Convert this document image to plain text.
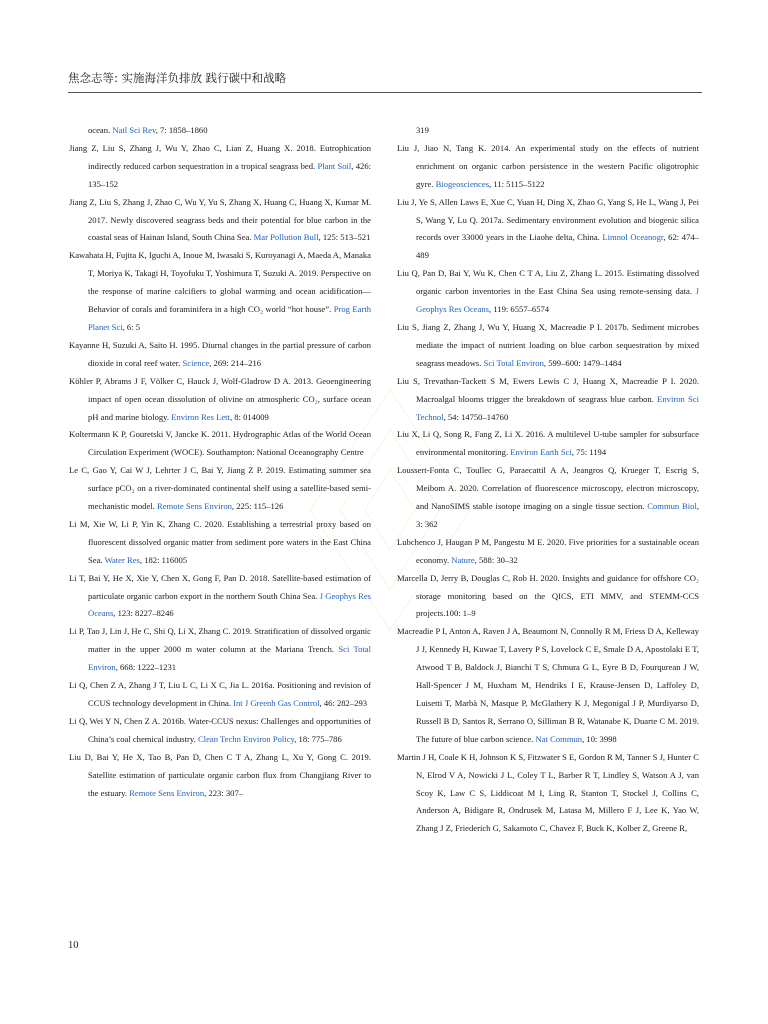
焦念志等: 实施海洋负排放 践行碳中和战略
ocean. Natl Sci Rev, 7: 1858–1860
Jiang Z, Liu S, Zhang J, Wu Y, Zhao C, Lian Z, Huang X. 2018. Eutrophication indirectly reduced carbon sequestration in a tropical seagrass bed. Plant Soil, 426: 135–152
Jiang Z, Liu S, Zhang J, Zhao C, Wu Y, Yu S, Zhang X, Huang C, Huang X, Kumar M. 2017. Newly discovered seagrass beds and their potential for blue carbon in the coastal seas of Hainan Island, South China Sea. Mar Pollution Bull, 125: 513–521
Kawahata H, Fujita K, Iguchi A, Inoue M, Iwasaki S, Kuroyanagi A, Maeda A, Manaka T, Moriya K, Takagi H, Toyofuku T, Yoshimura T, Suzuki A. 2019. Perspective on the response of marine calcifiers to global warming and ocean acidification—Behavior of corals and foraminifera in a high CO₂ world “hot house”. Prog Earth Planet Sci, 6: 5
Kayanne H, Suzuki A, Saito H. 1995. Diurnal changes in the partial pressure of carbon dioxide in coral reef water. Science, 269: 214–216
Köhler P, Abrams J F, Völker C, Hauck J, Wolf-Gladrow D A. 2013. Geoengineering impact of open ocean dissolution of olivine on atmospheric CO₂, surface ocean pH and marine biology. Environ Res Lett, 8: 014009
Koltermann K P, Gouretski V, Jancke K. 2011. Hydrographic Atlas of the World Ocean Circulation Experiment (WOCE). Southampton: National Oceanography Centre
Le C, Gao Y, Cai W J, Lehrter J C, Bai Y, Jiang Z P. 2019. Estimating summer sea surface pCO₂ on a river-dominated continental shelf using a satellite-based semi-mechanistic model. Remote Sens Environ, 225: 115–126
Li M, Xie W, Li P, Yin K, Zhang C. 2020. Establishing a terrestrial proxy based on fluorescent dissolved organic matter from sediment pore waters in the East China Sea. Water Res, 182: 116005
Li T, Bai Y, He X, Xie Y, Chen X, Gong F, Pan D. 2018. Satellite-based estimation of particulate organic carbon export in the northern South China Sea. J Geophys Res Oceans, 123: 8227–8246
Li P, Tao J, Lin J, He C, Shi Q, Li X, Zhang C. 2019. Stratification of dissolved organic matter in the upper 2000 m water column at the Mariana Trench. Sci Total Environ, 668: 1222–1231
Li Q, Chen Z A, Zhang J T, Liu L C, Li X C, Jia L. 2016a. Positioning and revision of CCUS technology development in China. Int J Greenh Gas Control, 46: 282–293
Li Q, Wei Y N, Chen Z A. 2016b. Water-CCUS nexus: Challenges and opportunities of China’s coal chemical industry. Clean Techn Environ Policy, 18: 775–786
Liu D, Bai Y, He X, Tao B, Pan D, Chen C T A, Zhang L, Xu Y, Gong C. 2019. Satellite estimation of particulate organic carbon flux from Changjiang River to the estuary. Remote Sens Environ, 223: 307–
319
Liu J, Jiao N, Tang K. 2014. An experimental study on the effects of nutrient enrichment on organic carbon persistence in the western Pacific oligotrophic gyre. Biogeosciences, 11: 5115–5122
Liu J, Ye S, Allen Laws E, Xue C, Yuan H, Ding X, Zhao G, Yang S, He L, Wang J, Pei S, Wang Y, Lu Q. 2017a. Sedimentary environment evolution and biogenic silica records over 33000 years in the Liaohe delta, China. Limnol Oceanogr, 62: 474–489
Liu Q, Pan D, Bai Y, Wu K, Chen C T A, Liu Z, Zhang L. 2015. Estimating dissolved organic carbon inventories in the East China Sea using remote-sensing data. J Geophys Res Oceans, 119: 6557–6574
Liu S, Jiang Z, Zhang J, Wu Y, Huang X, Macreadie P I. 2017b. Sediment microbes mediate the impact of nutrient loading on blue carbon sequestration by mixed seagrass meadows. Sci Total Environ, 599–600: 1479–1484
Liu S, Trevathan-Tackett S M, Ewers Lewis C J, Huang X, Macreadie P I. 2020. Macroalgal blooms trigger the breakdown of seagrass blue carbon. Environ Sci Technol, 54: 14750–14760
Liu X, Li Q, Song R, Fang Z, Li X. 2016. A multilevel U-tube sampler for subsurface environmental monitoring. Environ Earth Sci, 75: 1194
Loussert-Fonta C, Toullec G, Paraecattil A A, Jeangros Q, Krueger T, Escrig S, Meibom A. 2020. Correlation of fluorescence microscopy, electron microscopy, and NanoSIMS stable isotope imaging on a single tissue section. Commun Biol, 3: 362
Lubchenco J, Haugan P M, Pangestu M E. 2020. Five priorities for a sustainable ocean economy. Nature, 588: 30–32
Marcella D, Jerry B, Douglas C, Rob H. 2020. Insights and guidance for offshore CO₂ storage monitoring based on the QICS, ETI MMV, and STEMM-CCS projects.100: 1–9
Macreadie P I, Anton A, Raven J A, Beaumont N, Connolly R M, Friess D A, Kelleway J J, Kennedy H, Kuwae T, Lavery P S, Lovelock C E, Smale D A, Apostolaki E T, Atwood T B, Baldock J, Bianchi T S, Chmura G L, Eyre B D, Fourqurean J W, Hall-Spencer J M, Huxham M, Hendriks I E, Krause-Jensen D, Laffoley D, Luisetti T, Marbà N, Masque P, McGlathery K J, Megonigal J P, Murdiyarso D, Russell B D, Santos R, Serrano O, Silliman B R, Watanabe K, Duarte C M. 2019. The future of blue carbon science. Nat Commun, 10: 3998
Martin J H, Coale K H, Johnson K S, Fitzwater S E, Gordon R M, Tanner S J, Hunter C N, Elrod V A, Nowicki J L, Coley T L, Barber R T, Lindley S, Watson A J, van Scoy K, Law C S, Liddicoat M I, Ling R, Stanton T, Stockel J, Collins C, Anderson A, Bidigare R, Ondrusek M, Latasa M, Millero F J, Lee K, Yao W, Zhang J Z, Friederich G, Sakamoto C, Chavez F, Buck K, Kolber Z, Greene R,
10
